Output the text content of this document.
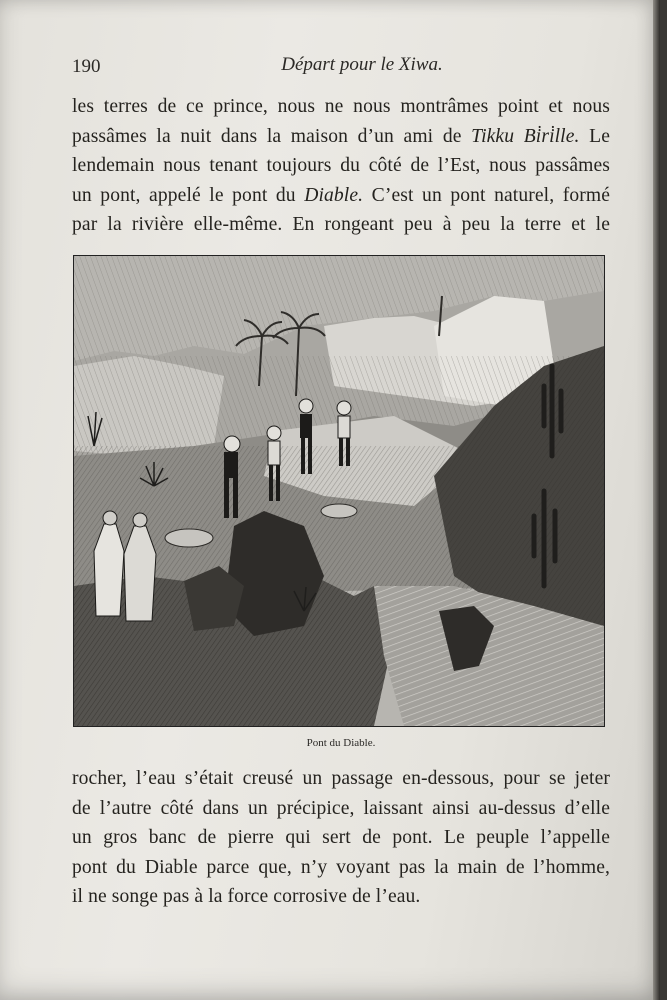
190	Départ pour le Xiwa.
les terres de ce prince, nous ne nous montrâmes point et nous
passâmes la nuit dans la maison d’un ami de Tikku Bi̇ri̇lle. Le
lendemain nous tenant toujours du côté de l’Est, nous passâmes
un pont, appelé le pont du Diable. C’est un pont naturel, formé
par la rivière elle-même. En rongeant peu à peu la terre et le
Pont du Diable.
rocher, l’eau s’était creusé un passage en-dessous, pour se jeter
de l’autre côté dans un précipice, laissant ainsi au-dessus d’elle
un gros banc de pierre qui sert de pont. Le peuple l’appelle
pont du Diable parce que, n’y voyant pas la main de l’homme,
il ne songe pas à la force corrosive de l’eau.
